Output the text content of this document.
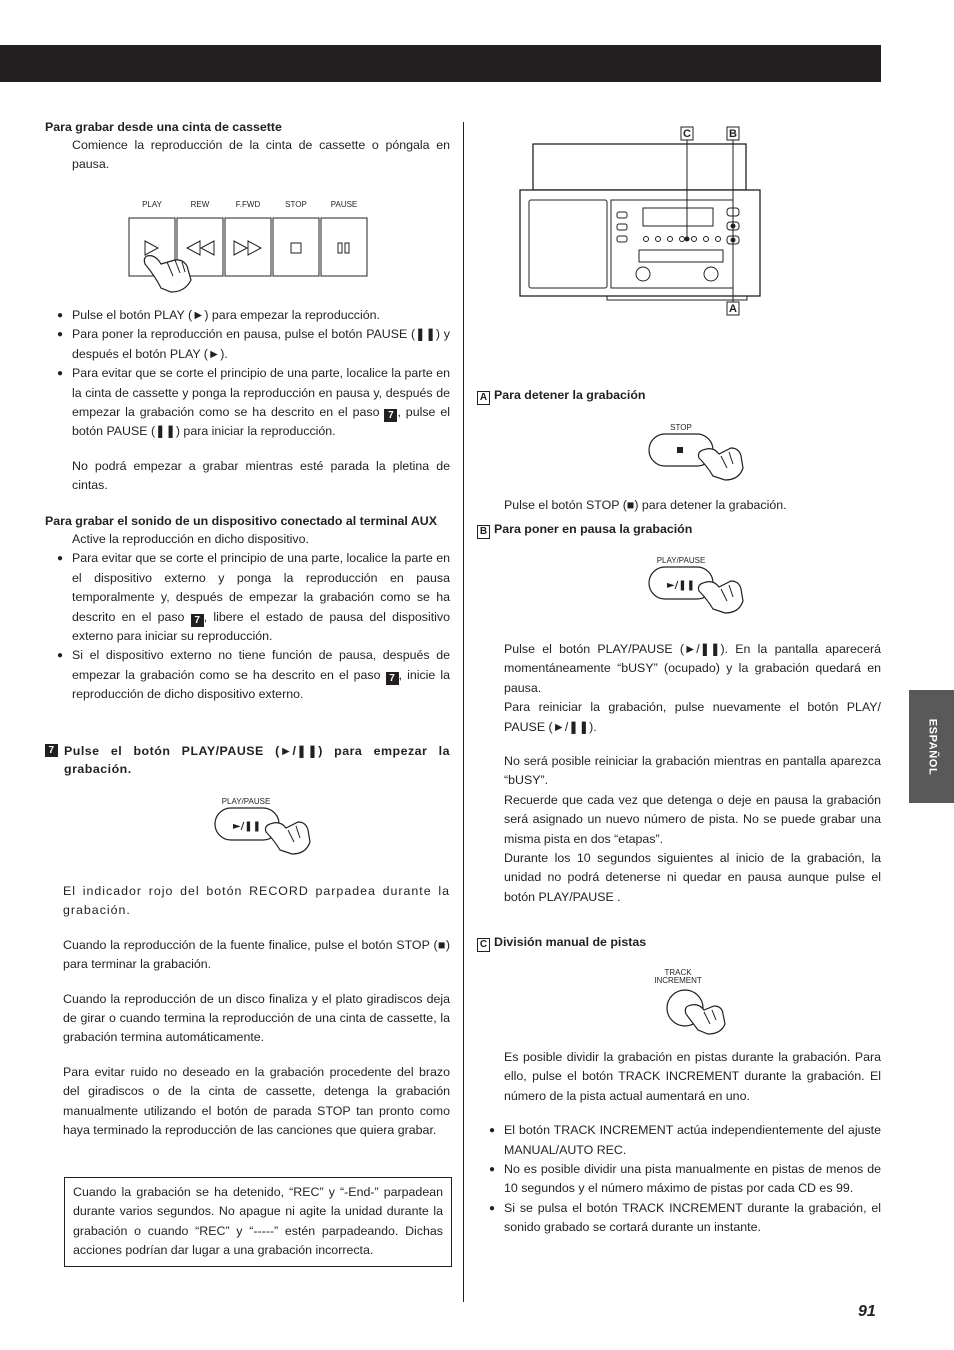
ESPAÑOL

Para grabar desde una cinta de cassette

Comience la reproducción de la cinta de cassette o póngala en pausa.

PLAY	REW	F.FWD	STOP	PAUSE

● Pulse el botón PLAY (►) para empezar la reproducción.

● Para poner la reproducción en pausa, pulse el botón PAUSE (❚❚) y después el botón PLAY (►).

● Para evitar que se corte el principio de una parte, localice la parte en la cinta de cassette y ponga la reproducción en pausa y, después de empezar la grabación como se ha descrito en el paso 7 , pulse el botón PAUSE (❚❚) para iniciar la reproducción.

No podrá empezar a grabar mientras esté parada la pletina de cintas.

Para grabar el sonido de un dispositivo conectado al terminal AUX

Active la reproducción en dicho dispositivo.

● Para evitar que se corte el principio de una parte, localice la parte en el dispositivo externo y ponga la reproducción en pausa temporalmente y, después de empezar la grabación como se ha descrito en el paso 7 , libere el estado de pausa del dispositivo externo para iniciar su reproducción.

● Si el dispositivo externo no tiene función de pausa, después de empezar la grabación como se ha descrito en el paso 7 , inicie la reproducción de dicho dispositivo externo.

7 Pulse el botón PLAY/PAUSE (►/❚❚) para empezar la grabación.

PLAY/PAUSE
►/❚❚

El indicador rojo del botón RECORD parpadea durante la grabación.

Cuando la reproducción de la fuente finalice, pulse el botón STOP (■) para terminar la grabación.

Cuando la reproducción de un disco finaliza y el plato giradiscos deja de girar o cuando termina la reproducción de una cinta de cassette, la grabación termina automáticamente.

Para evitar ruido no deseado en la grabación procedente del brazo del giradiscos o de la cinta de cassette, detenga la grabación manualmente utilizando el botón de parada STOP tan pronto como haya terminado la reproducción de las canciones que quiera grabar.

Cuando la grabación se ha detenido, “REC” y “-End-” parpadean durante varios segundos. No apague ni agite la unidad durante la grabación o cuando “REC” y “-----” estén parpadeando. Dichas acciones podrían dar lugar a una grabación incorrecta.
C	B
A

A Para detener la grabación

STOP

Pulse el botón STOP (■) para detener la grabación.

B Para poner en pausa la grabación

PLAY/PAUSE
►/❚❚

Pulse el botón PLAY/PAUSE (►/❚❚). En la pantalla aparecerá momentáneamente “bUSY” (ocupado) y la grabación quedará en pausa.

Para reiniciar la grabación, pulse nuevamente el botón PLAY/ PAUSE (►/❚❚).

No será posible reiniciar la grabación mientras en pantalla aparezca “bUSY”.

Recuerde que cada vez que detenga o deje en pausa la grabación será asignado un nuevo número de pista. No se puede grabar una misma pista en dos “etapas”.

Durante los 10 segundos siguientes al inicio de la grabación, la unidad no podrá detenerse ni quedar en pausa aunque pulse el botón PLAY/PAUSE .

C División manual de pistas

TRACK
INCREMENT

Es posible dividir la grabación en pistas durante la grabación. Para ello, pulse el botón TRACK INCREMENT durante la grabación. El número de la pista actual aumentará en uno.

● El botón TRACK INCREMENT actúa independientemente del ajuste MANUAL/AUTO REC.

● No es posible dividir una pista manualmente en pistas de menos de 10 segundos y el número máximo de pistas por cada CD es 99.

● Si se pulsa el botón TRACK INCREMENT durante la grabación, el sonido grabado se cortará durante un instante.

91
